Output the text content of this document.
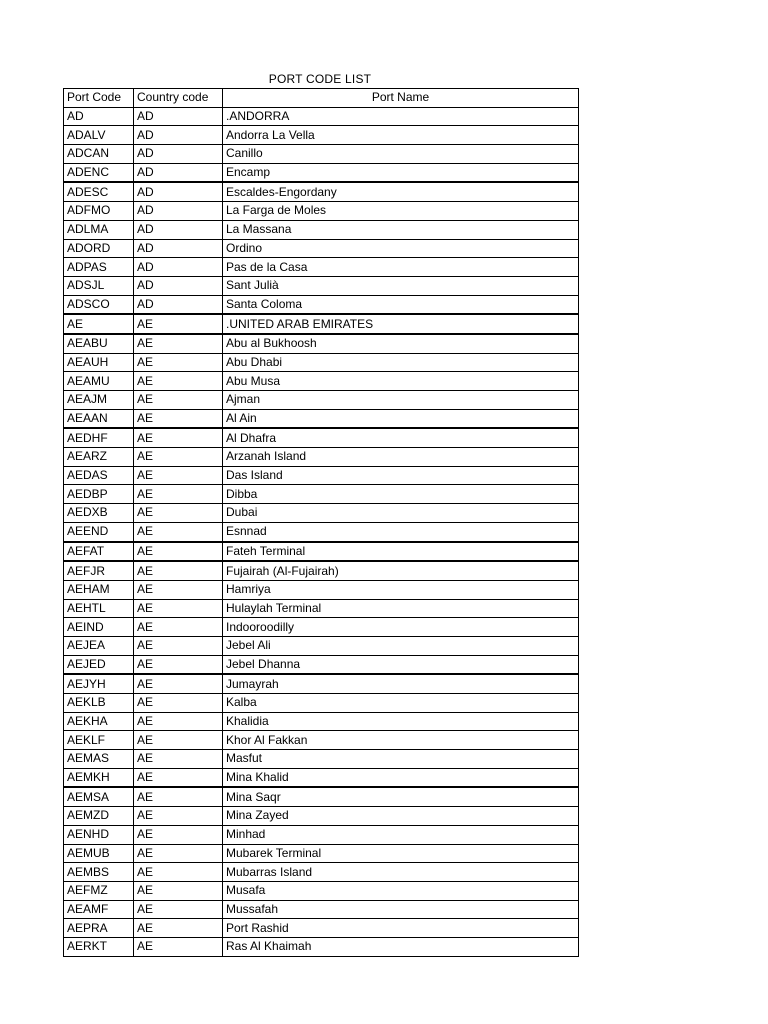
PORT CODE LIST
Port Code	Country code	Port Name
AD	AD	.ANDORRA
ADALV	AD	Andorra La Vella
ADCAN	AD	Canillo
ADENC	AD	Encamp
ADESC	AD	Escaldes-Engordany
ADFMO	AD	La Farga de Moles
ADLMA	AD	La Massana
ADORD	AD	Ordino
ADPAS	AD	Pas de la Casa
ADSJL	AD	Sant Julià
ADSCO	AD	Santa Coloma
AE	AE	.UNITED ARAB EMIRATES
AEABU	AE	Abu al Bukhoosh
AEAUH	AE	Abu Dhabi
AEAMU	AE	Abu Musa
AEAJM	AE	Ajman
AEAAN	AE	Al Ain
AEDHF	AE	Al Dhafra
AEARZ	AE	Arzanah Island
AEDAS	AE	Das Island
AEDBP	AE	Dibba
AEDXB	AE	Dubai
AEEND	AE	Esnnad
AEFAT	AE	Fateh Terminal
AEFJR	AE	Fujairah (Al-Fujairah)
AEHAM	AE	Hamriya
AEHTL	AE	Hulaylah Terminal
AEIND	AE	Indooroodilly
AEJEA	AE	Jebel Ali
AEJED	AE	Jebel Dhanna
AEJYH	AE	Jumayrah
AEKLB	AE	Kalba
AEKHA	AE	Khalidia
AEKLF	AE	Khor Al Fakkan
AEMAS	AE	Masfut
AEMKH	AE	Mina Khalid
AEMSA	AE	Mina Saqr
AEMZD	AE	Mina Zayed
AENHD	AE	Minhad
AEMUB	AE	Mubarek Terminal
AEMBS	AE	Mubarras Island
AEFMZ	AE	Musafa
AEAMF	AE	Mussafah
AEPRA	AE	Port Rashid
AERKT	AE	Ras Al Khaimah
